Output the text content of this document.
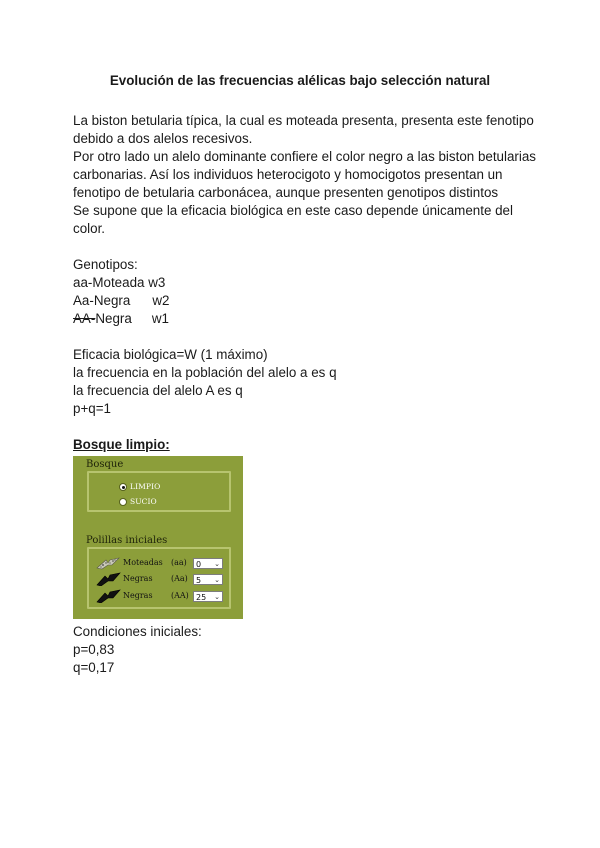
Evolución de las frecuencias alélicas bajo selección natural
La biston betularia típica, la cual es moteada presenta, presenta este fenotipo
debido a dos alelos recesivos.
Por otro lado un alelo dominante confiere el color negro a las biston betularias
carbonarias. Así los individuos heterocigoto y homocigotos presentan un
fenotipo de betularia carbonácea, aunque presenten genotipos distintos
Se supone que la eficacia biológica en este caso depende únicamente del
color.
Genotipos:
aa-Moteada w3
Aa-Negra w2
AA-Negra w1
Eficacia biológica=W (1 máximo)
la frecuencia en la población del alelo a es q
la frecuencia del alelo A es q
p+q=1
Bosque limpio:
Bosque
LIMPIO
SUCIO
Polillas iniciales
Moteadas	(aa)	0 ⌄
Negras	(Aa)	5 ⌄
Negras	(AA) 25 ⌄
Condiciones iniciales:
p=0,83
q=0,17
